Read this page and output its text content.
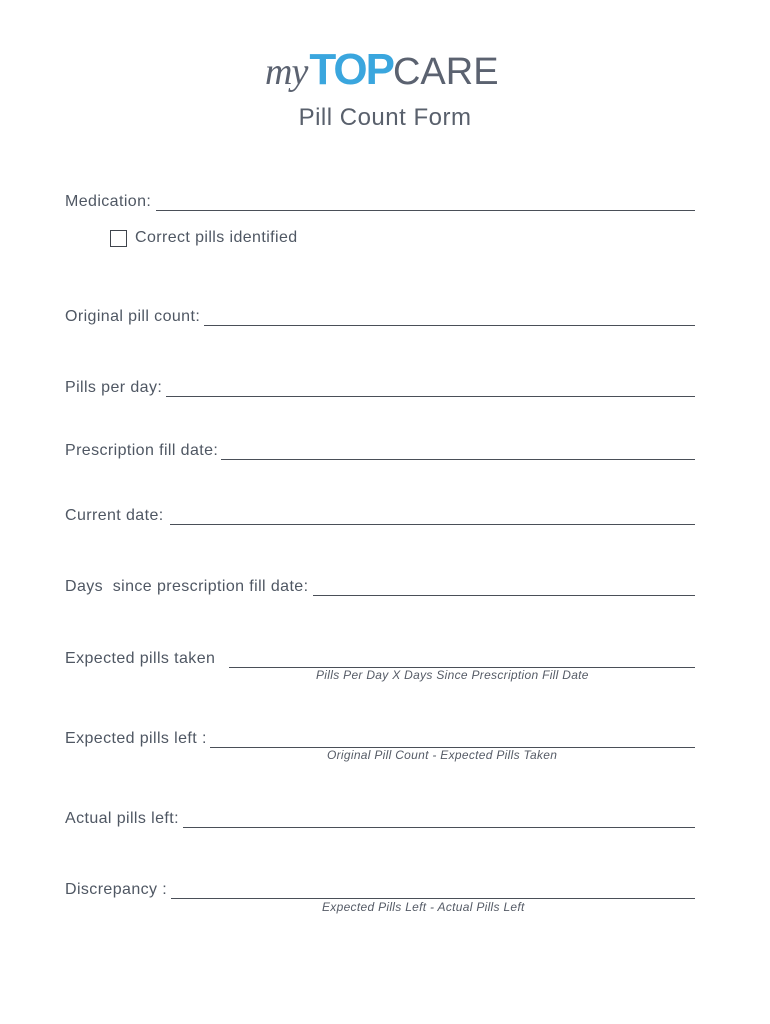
my TOP CARE
Pill Count Form
Medication:
Correct pills identified
Original pill count:
Pills per day:
Prescription fill date:
Current date:
Days  since prescription fill date:
Expected pills taken
Pills Per Day X Days Since Prescription Fill Date
Expected pills left :
Original Pill Count - Expected Pills Taken
Actual pills left:
Discrepancy :
Expected Pills Left - Actual Pills Left
